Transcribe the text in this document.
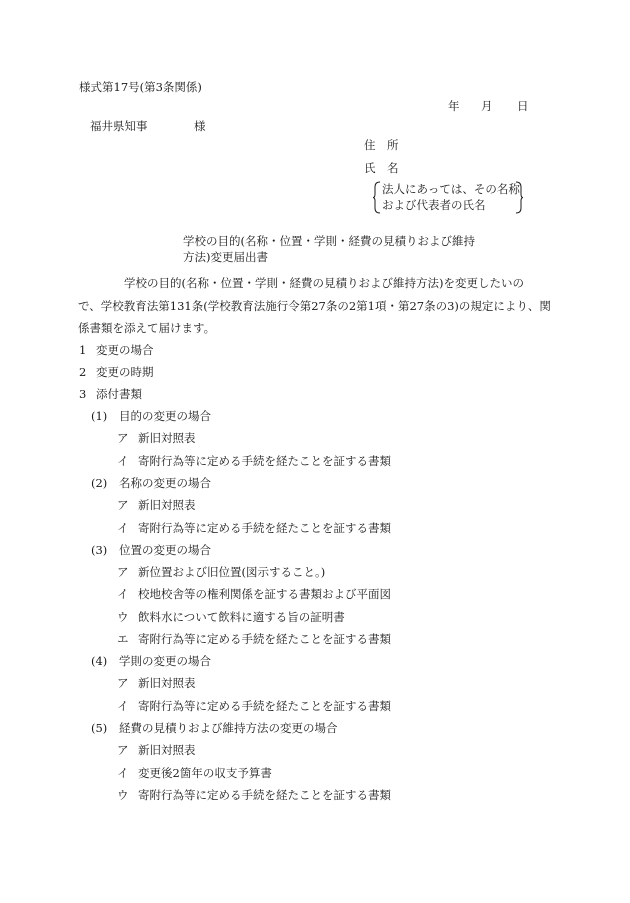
様式第17号(第3条関係)
年 月 日
福井県知事	様
住　所
氏　名
法人にあっては、その名称
および代表者の氏名
学校の目的(名称・位置・学則・経費の見積りおよび維持
方法)変更届出書

　　　　学校の目的(名称・位置・学則・経費の見積りおよび維持方法)を変更したいの

で、学校教育法第131条(学校教育法施行令第27条の2第1項・第27条の3)の規定により、関

係書類を添えて届けます。

1 変更の場合
2 変更の時期
3 添付書類
(1) 目的の変更の場合
ア 新旧対照表
イ 寄附行為等に定める手続を経たことを証する書類
(2) 名称の変更の場合
ア 新旧対照表
イ 寄附行為等に定める手続を経たことを証する書類
(3) 位置の変更の場合
ア 新位置および旧位置(図示すること。)
イ 校地校舎等の権利関係を証する書類および平面図
ウ 飲料水について飲料に適する旨の証明書
エ 寄附行為等に定める手続を経たことを証する書類
(4) 学則の変更の場合
ア 新旧対照表
イ 寄附行為等に定める手続を経たことを証する書類
(5) 経費の見積りおよび維持方法の変更の場合
ア 新旧対照表
イ 変更後2箇年の収支予算書
ウ 寄附行為等に定める手続を経たことを証する書類
